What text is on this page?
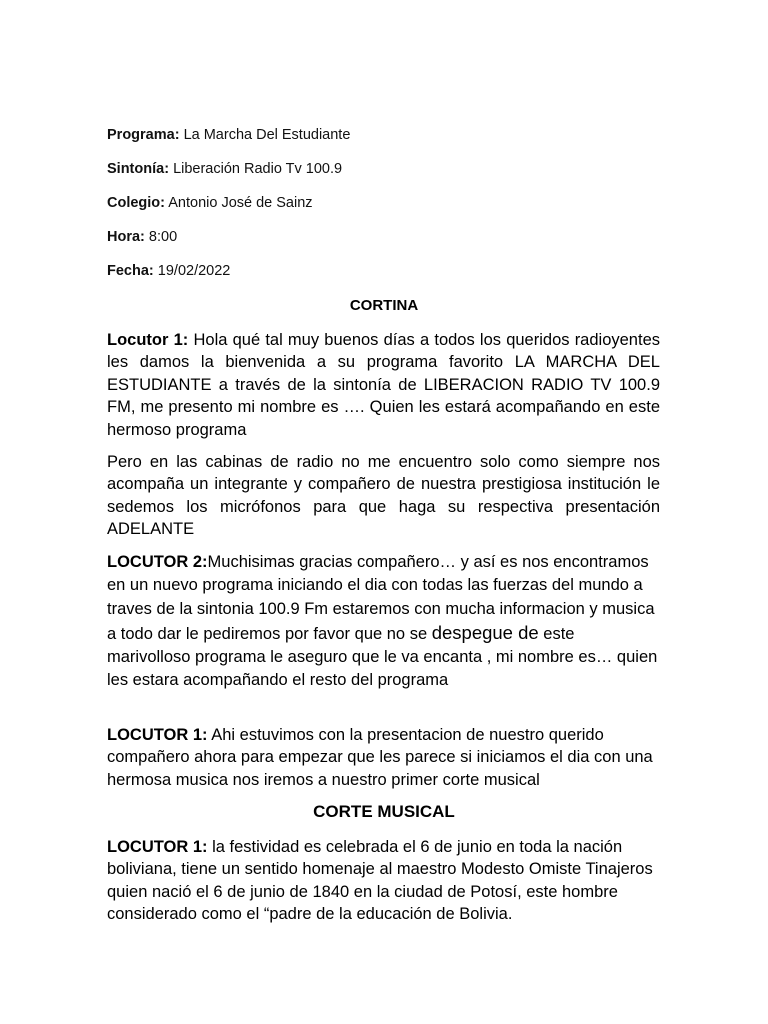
Programa: La Marcha Del Estudiante
Sintonía: Liberación Radio Tv 100.9
Colegio: Antonio José de Sainz
Hora: 8:00
Fecha: 19/02/2022
CORTINA
Locutor 1: Hola qué tal muy buenos días a todos los queridos radioyentes les damos la bienvenida a su programa favorito LA MARCHA DEL ESTUDIANTE a través de la sintonía de LIBERACION RADIO TV 100.9 FM, me presento mi nombre es …. Quien les estará acompañando en este hermoso programa
Pero en las cabinas de radio no me encuentro solo como siempre nos acompaña un integrante y compañero de nuestra prestigiosa institución le sedemos los micrófonos para que haga su respectiva presentación ADELANTE
LOCUTOR 2:Muchisimas gracias compañero… y así es nos encontramos en un nuevo programa iniciando el dia con todas las fuerzas del mundo a traves de la sintonia 100.9 Fm estaremos con mucha informacion y musica a todo dar le pediremos por favor que no se despegue de este marivolloso programa le aseguro que le va encanta , mi nombre es… quien les estara acompañando el resto del programa
LOCUTOR 1: Ahi estuvimos con la presentacion de nuestro querido compañero ahora para empezar que les parece si iniciamos el dia con una hermosa musica nos iremos a nuestro primer corte musical
CORTE MUSICAL
LOCUTOR 1: la festividad es celebrada el 6 de junio en toda la nación boliviana, tiene un sentido homenaje al maestro Modesto Omiste Tinajeros quien nació el 6 de junio de 1840 en la ciudad de Potosí, este hombre considerado como el “padre de la educación de Bolivia.
